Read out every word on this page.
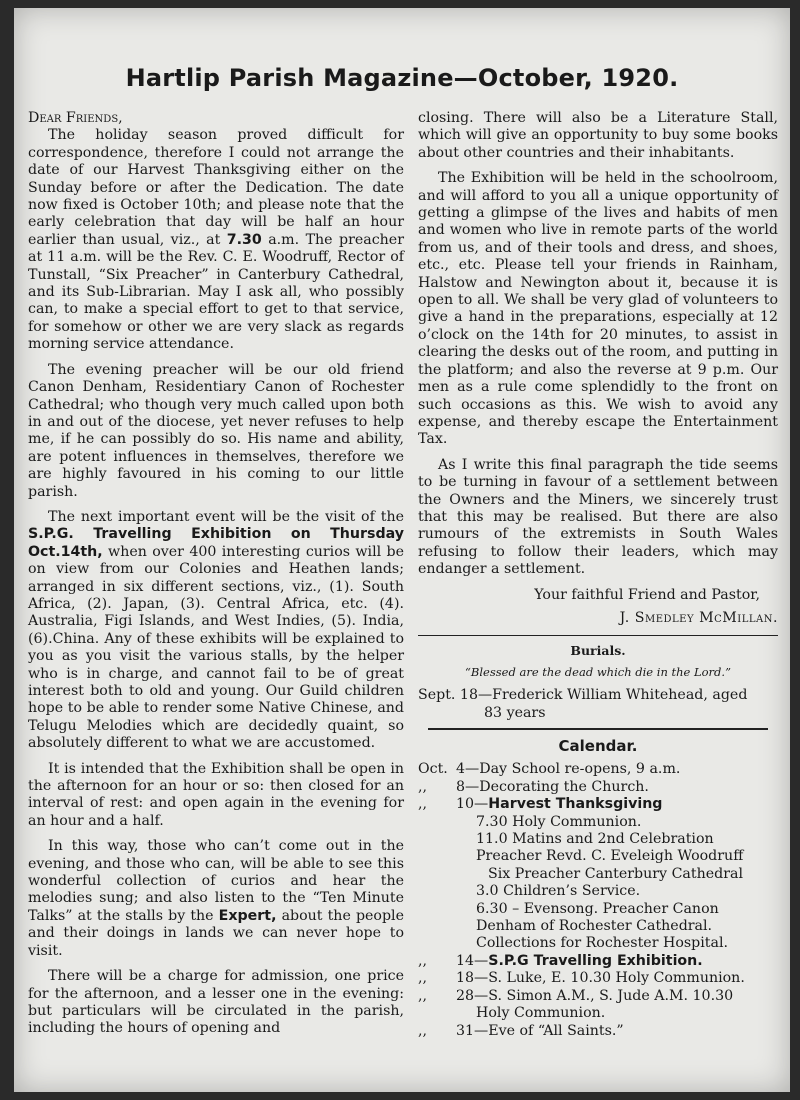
Hartlip Parish Magazine—October, 1920.

Dear Friends,

The holiday season proved difficult for correspondence, therefore I could not arrange the date of our Harvest Thanksgiving either on the Sunday before or after the Dedication. The date now fixed is October 10th; and please note that the early celebration that day will be half an hour earlier than usual, viz., at 7.30 a.m. The preacher at 11 a.m. will be the Rev. C. E. Woodruff, Rector of Tunstall, “Six Preacher” in Canterbury Cathedral, and its Sub-Librarian. May I ask all, who possibly can, to make a special effort to get to that service, for somehow or other we are very slack as regards morning service attendance.

The evening preacher will be our old friend Canon Denham, Residentiary Canon of Rochester Cathedral; who though very much called upon both in and out of the diocese, yet never refuses to help me, if he can possibly do so. His name and ability, are potent influences in themselves, therefore we are highly favoured in his coming to our little parish.

The next important event will be the visit of the S.P.G. Travelling Exhibition on Thursday Oct.14th, when over 400 interesting curios will be on view from our Colonies and Heathen lands; arranged in six different sections, viz., (1). South Africa, (2). Japan, (3). Central Africa, etc. (4). Australia, Figi Islands, and West Indies, (5). India, (6).China. Any of these exhibits will be explained to you as you visit the various stalls, by the helper who is in charge, and cannot fail to be of great interest both to old and young. Our Guild children hope to be able to render some Native Chinese, and Telugu Melodies which are decidedly quaint, so absolutely different to what we are accustomed.

It is intended that the Exhibition shall be open in the afternoon for an hour or so: then closed for an interval of rest: and open again in the evening for an hour and a half.

In this way, those who can’t come out in the evening, and those who can, will be able to see this wonderful collection of curios and hear the melodies sung; and also listen to the “Ten Minute Talks” at the stalls by the Expert, about the people and their doings in lands we can never hope to visit.

There will be a charge for admission, one price for the afternoon, and a lesser one in the evening: but particulars will be circulated in the parish, including the hours of opening and

closing. There will also be a Literature Stall, which will give an opportunity to buy some books about other countries and their inhabitants.

The Exhibition will be held in the schoolroom, and will afford to you all a unique opportunity of getting a glimpse of the lives and habits of men and women who live in remote parts of the world from us, and of their tools and dress, and shoes, etc., etc. Please tell your friends in Rainham, Halstow and Newington about it, because it is open to all. We shall be very glad of volunteers to give a hand in the preparations, especially at 12 o’clock on the 14th for 20 minutes, to assist in clearing the desks out of the room, and putting in the platform; and also the reverse at 9 p.m. Our men as a rule come splendidly to the front on such occasions as this. We wish to avoid any expense, and thereby escape the Entertainment Tax.

As I write this final paragraph the tide seems to be turning in favour of a settlement between the Owners and the Miners, we sincerely trust that this may be realised. But there are also rumours of the extremists in South Wales refusing to follow their leaders, which may endanger a settlement.

Your faithful Friend and Pastor,
J. Smedley McMillan.
Burials.
“Blessed are the dead which die in the Lord.”
Sept. 18—Frederick William Whitehead, aged
83 years
Calendar.
Oct. 4—Day School re-opens, 9 a.m.
,,	8—Decorating the Church.
,,	10—Harvest Thanksgiving
7.30 Holy Communion.
11.0 Matins and 2nd Celebration
Preacher Revd. C. Eveleigh Woodruff
Six Preacher Canterbury Cathedral
3.0 Children’s Service.
6.30 – Evensong. Preacher Canon
Denham of Rochester Cathedral.
Collections for Rochester Hospital.
,,	14—S.P.G Travelling Exhibition.
,,	18—S. Luke, E. 10.30 Holy Communion.
,,	28—S. Simon A.M., S. Jude A.M. 10.30
Holy Communion.
,,	31—Eve of “All Saints.”
